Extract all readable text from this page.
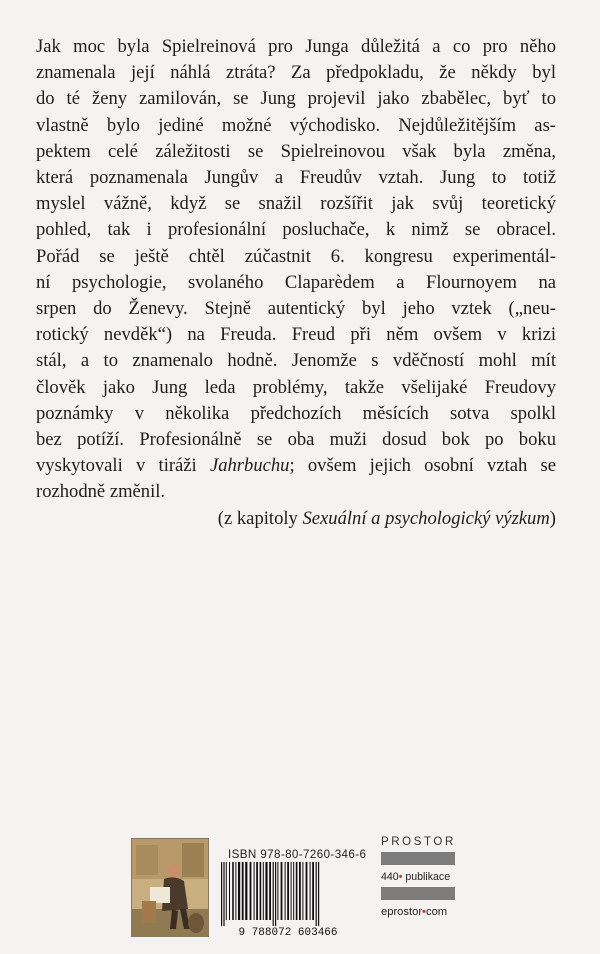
Jak moc byla Spielreinová pro Junga důležitá a co pro něho
znamenala její náhlá ztráta? Za předpokladu, že někdy byl
do té ženy zamilován, se Jung projevil jako zbabělec, byť to
vlastně bylo jediné možné východisko. Nejdůležitějším as-
pektem celé záležitosti se Spielreinovou však byla změna,
která poznamenala Jungův a Freudův vztah. Jung to totiž
myslel vážně, když se snažil rozšířit jak svůj teoretický
pohled, tak i profesionální posluchače, k nimž se obracel.
Pořád se ještě chtěl zúčastnit 6. kongresu experimentál-
ní psychologie, svolaného Claparèdem a Flournoyem na
srpen do Ženevy. Stejně autentický byl jeho vztek („neu-
rotický nevděk“) na Freuda. Freud při něm ovšem v krizi
stál, a to znamenalo hodně. Jenomže s vděčností mohl mít
člověk jako Jung leda problémy, takže všelijaké Freudovy
poznámky v několika předchozích měsících sotva spolkl
bez potíží. Profesionálně se oba muži dosud bok po boku
vyskytovali v tiráži Jahrbuchu; ovšem jejich osobní vztah se
rozhodně změnil.

(z kapitoly Sexuální a psychologický výzkum)
ISBN 978-80-7260-346-6
9 788072 603466
PROSTOR
440• publikace
eprostor•com
